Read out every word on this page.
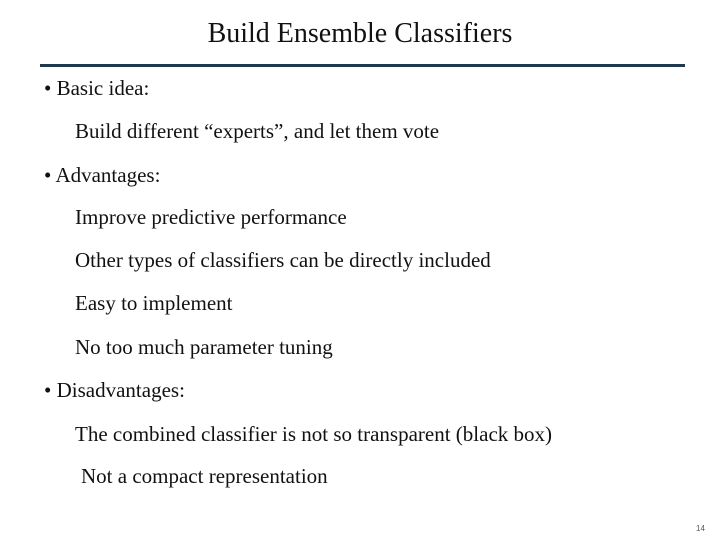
Build Ensemble Classifiers
• Basic idea:
Build different “experts”, and let them vote
• Advantages:
Improve predictive performance
Other types of classifiers can be directly included
Easy to implement
No too much parameter tuning
• Disadvantages:
The combined classifier is not so transparent (black box)
Not a compact representation
14
